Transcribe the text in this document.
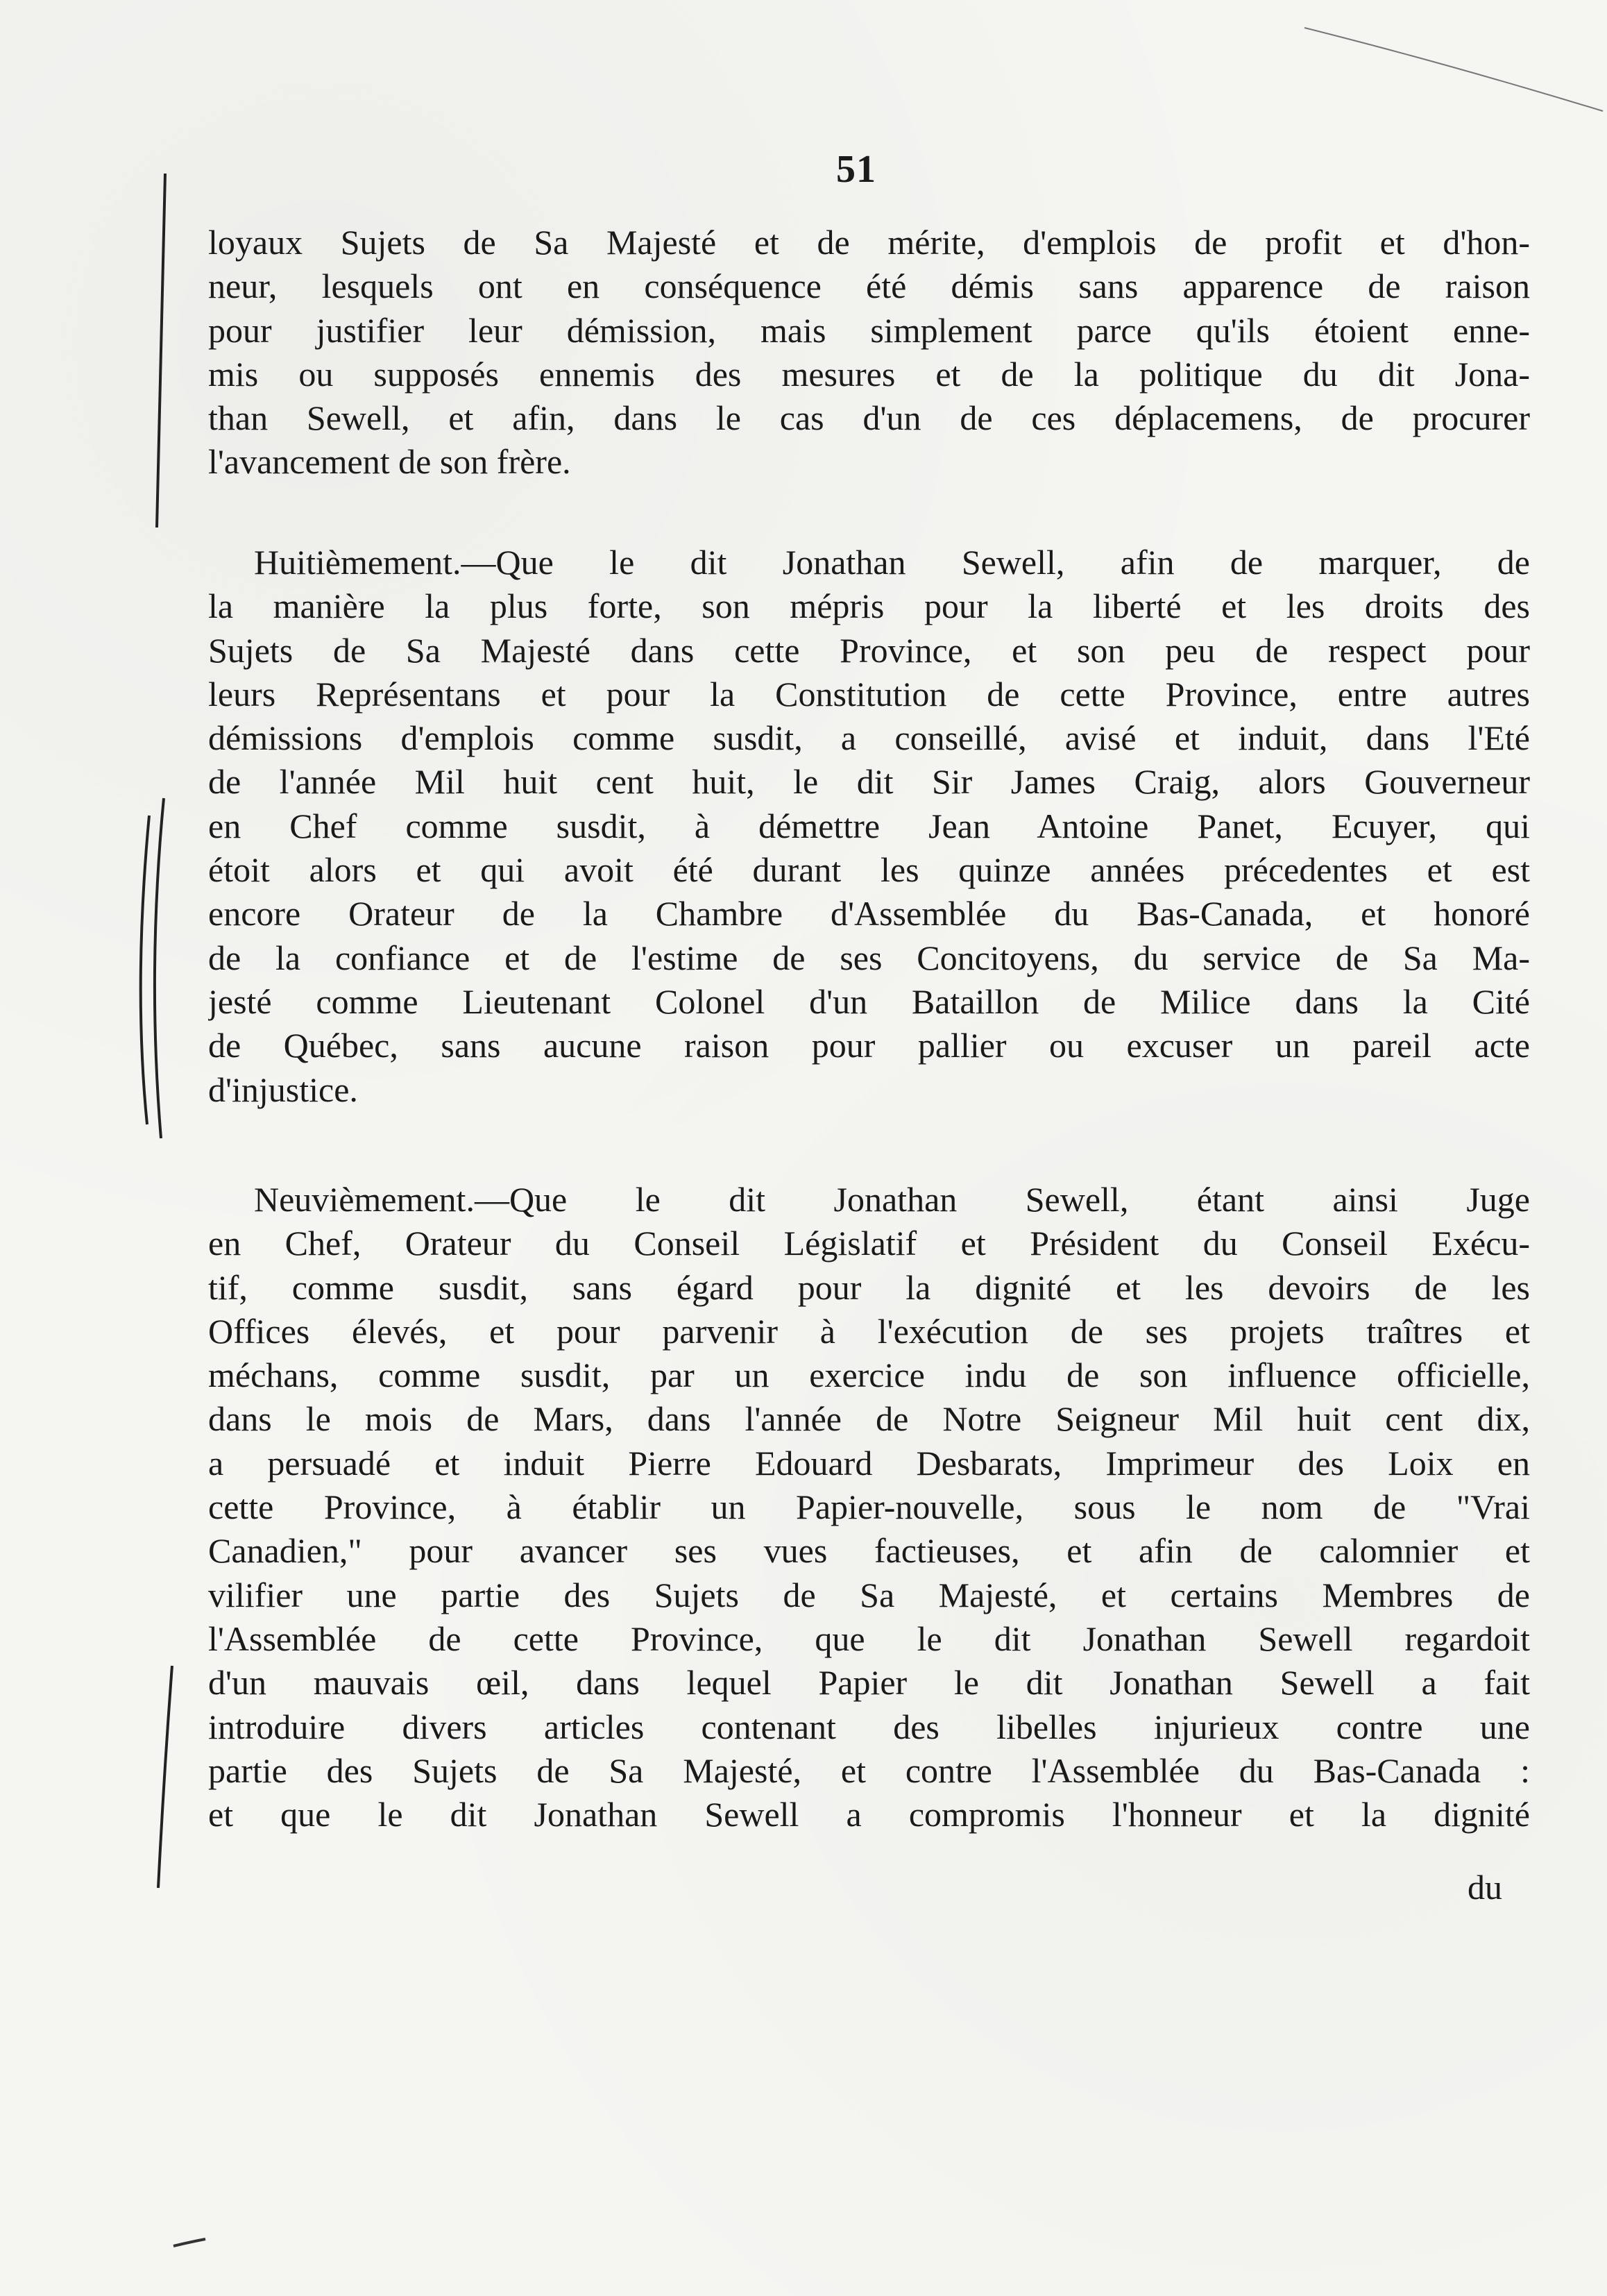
51
loyaux Sujets de Sa Majesté et de mérite, d'emplois de profit et d'hon-
neur, lesquels ont en conséquence été démis sans apparence de raison
pour justifier leur démission, mais simplement parce qu'ils étoient enne-
mis ou supposés ennemis des mesures et de la politique du dit Jona-
than Sewell, et afin, dans le cas d'un de ces déplacemens, de procurer
l'avancement de son frère.
Huitièmement.—Que le dit Jonathan Sewell, afin de marquer, de
la manière la plus forte, son mépris pour la liberté et les droits des
Sujets de Sa Majesté dans cette Province, et son peu de respect pour
leurs Représentans et pour la Constitution de cette Province, entre autres
démissions d'emplois comme susdit, a conseillé, avisé et induit, dans l'Eté
de l'année Mil huit cent huit, le dit Sir James Craig, alors Gouverneur
en Chef comme susdit, à démettre Jean Antoine Panet, Ecuyer, qui
étoit alors et qui avoit été durant les quinze années précedentes et est
encore Orateur de la Chambre d'Assemblée du Bas-Canada, et honoré
de la confiance et de l'estime de ses Concitoyens, du service de Sa Ma-
jesté comme Lieutenant Colonel d'un Bataillon de Milice dans la Cité
de Québec, sans aucune raison pour pallier ou excuser un pareil acte
d'injustice.
Neuvièmement.—Que le dit Jonathan Sewell, étant ainsi Juge
en Chef, Orateur du Conseil Législatif et Président du Conseil Exécu-
tif, comme susdit, sans égard pour la dignité et les devoirs de les
Offices élevés, et pour parvenir à l'exécution de ses projets traîtres et
méchans, comme susdit, par un exercice indu de son influence officielle,
dans le mois de Mars, dans l'année de Notre Seigneur Mil huit cent dix,
a persuadé et induit Pierre Edouard Desbarats, Imprimeur des Loix en
cette Province, à établir un Papier-nouvelle, sous le nom de "Vrai
Canadien," pour avancer ses vues factieuses, et afin de calomnier et
vilifier une partie des Sujets de Sa Majesté, et certains Membres de
l'Assemblée de cette Province, que le dit Jonathan Sewell regardoit
d'un mauvais œil, dans lequel Papier le dit Jonathan Sewell a fait
introduire divers articles contenant des libelles injurieux contre une
partie des Sujets de Sa Majesté, et contre l'Assemblée du Bas-Canada :
et que le dit Jonathan Sewell a compromis l'honneur et la dignité
du
